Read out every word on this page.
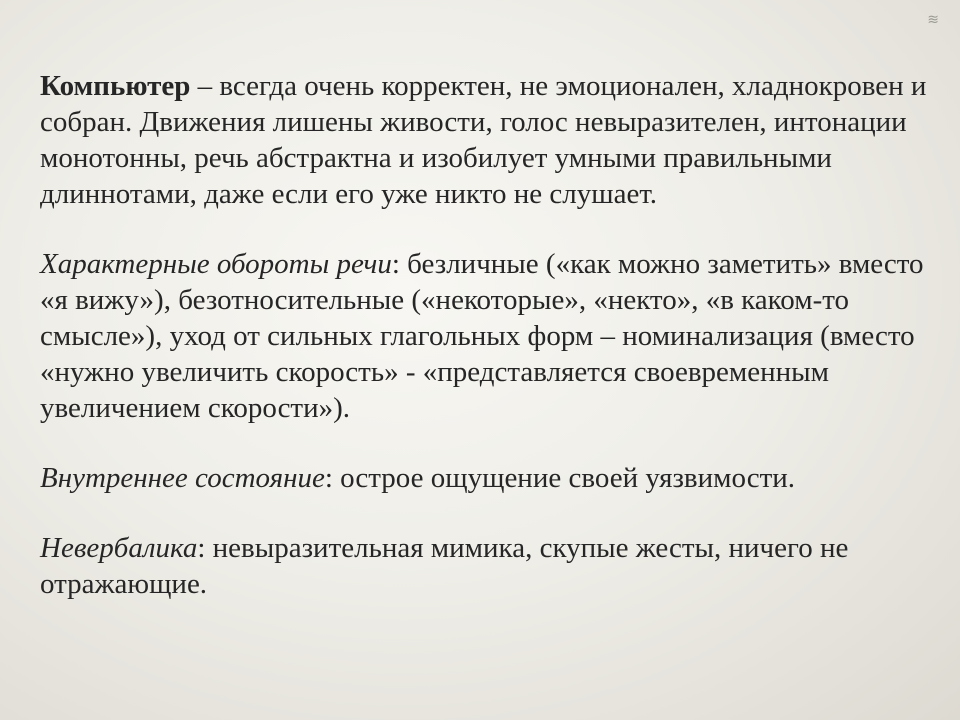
≋

Компьютер – всегда очень корректен, не эмоционален, хладнокровен и собран. Движения лишены живости, голос невыразителен, интонации монотонны, речь абстрактна и изобилует умными правильными длиннотами, даже если его уже никто не слушает.

Характерные обороты речи: безличные («как можно заметить» вместо «я вижу»), безотносительные («некоторые», «некто», «в каком-то смысле»), уход от сильных глагольных форм – номинализация (вместо «нужно увеличить скорость» - «представляется своевременным увеличением скорости»).

Внутреннее состояние: острое ощущение своей уязвимости.

Невербалика: невыразительная мимика, скупые жесты, ничего не отражающие.
